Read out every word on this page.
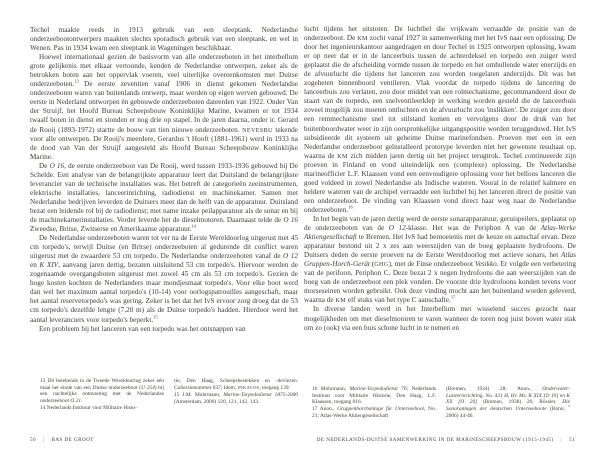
Techel maakte reeds in 1913 gebruik van een sleeptank. Nederlandse onderzeebootontwerpers maakten slechts sporadisch gebruik van een sleeptank, en wel in Wenen. Pas in 1934 kwam een sleeptank in Wageningen beschikbaar.
Hoewel internationaal gezien de basisvorm van alle onderzeeboten in het interbellum grote gelijkenis met elkaar vertoonde, kenden de Nederlandse ontwerpen, zeker als de betrokken boten aan het oppervlak voeren, veel uiterlijke overeenkomsten met Duitse onderzeeboten.$^{13}$ De eerste zeventien vanaf 1906 in dienst gekomen Nederlandse onderzeeboten waren van buitenlands ontwerp, maar werden op eigen werven gebouwd. De eerste in Nederland ontworpen én gebouwde onderzeeboten dateerden van 1922. Onder Van der Struijf, het Hoofd Bureau Scheepsbouw Koninklijke Marine, kwamen er tot 1934 twaalf boten in dienst en stonden er nog drie op stapel. In de jaren daarna, onder ir. Gerard de Rooij (1893-1972) startte de bouw van tien nieuwe onderzeeboten. NEVESBU tekende voor alle ontwerpen. De Rooij's meerdere, Gerardus 't Hooft (1881-1961) werd in 1933 na de dood van Van der Struijf aangesteld als Hoofd Bureau Scheepsbouw Koninklijke Marine.
De O 16, de eerste onderzeeboot van De Rooij, werd tussen 1933-1936 gebouwd bij De Schelde. Een analyse van de belangrijkste apparatuur leert dat Duitsland de belangrijkste leverancier van de technische installaties was. Het betreft de categorieën zeeinstrumenten, elektrische installaties, lanceerinrichting, radiodienst en machinekamer. Samen met Nederlandse bedrijven leverden de Duitsers meer dan de helft van de apparatuur. Duitsland bezat een leidende rol bij de radiodienst; met name inzake peilapparatuur als de sonar en bij de machinekamerinstallaties. Verder leverde het de dieselmotoren. Daarnaast telde de O 16 Zweedse, Britse, Zwitserse en Amerikaanse apparatuur.$^{14}$
De Nederlandse onderzeeboten waren tot ver na de Eerste Wereldoorlog uitgerust met 45 cm torpedo's, terwijl Duitse (en Britse) onderzeeboten al gedurende dit conflict waren uitgerust met de zwaardere 53 cm torpedo. De Nederlandse onderzeeboten vanaf de O 12 en K XIV, aanvang jaren dertig, bezaten uitsluitend 53 cm torpedo's. Hiervoor werden de zogenaamde overgangsboten uitgerust met zowel 45 cm als 53 cm torpedo's. Gezien de hoge kosten kochten de Nederlanders maar mondjesmaat torpedo's. Voor elke boot werd dan wel het maximum aantal torpedo's (10-14) voor oorlogspatrouilles aangeschaft, maar het aantal reservetorpedo's was gering. Zeker is het dat het IvS ervoor zorg droeg dat de 53 cm torpedo's dezelfde lengte (7,20 m) als de Duitse torpedo's hadden. Hierdoor werd het aantal leveranciers voor torpedo's beperkt.$^{15}$
Een probleem bij het lanceren van een torpedo was het ontsnappen van
13 Dit betekende in de Tweede Wereldoorlog zeker één maal het einde van een Duitse onderzeeboot (U 254) bij een nachtelijke ontmoeting met de Nederlandse onderzeeboot O 21.
14 Nederlands Instituut voor Militaire Histo-
rie, Den Haag, Scheepsbestekken en -deviezen. Collectienummer 037; Idem, INKAVOS, toegang 139.
15 J.M. Mohrmann, Marine-Torpedodienst 1875-2000 (Amsterdam, 2000) 120, 121, 142, 143.
50 | BAS DE GROOT
lucht tijdens het uitstoten. De luchtbel die vrijkwam verraadde de positie van de onderzeeboot. De KM zocht vanaf 1927 in samenwerking met het IvS naar een oplossing. De door het ingenieurskantoor aangedragen en door Techel in 1925 ontworpen oplossing, kwam er op neer dat er in de lanceerbuis tussen de achterdeksel en torpedo een zuiger werd geplaatst die de afscheiding vormde tussen de torpedo en het omhullende water enerzijds en de afvuurlucht die tijdens het lanceren zou worden toegelaten anderzijds. Dit was het zogeheten binnenboord ventileren. Vlak voordat de torpedo tijdens de lancering de lanceerbuis zou verlaten, zou door middel van een rolmechanisme, gecommandeerd door de staart van de torpedo, een snelventileerklep in werking worden gesteld die de lanceerbuis zoveel mogelijk zou moeten ontluchten en de afvuurlucht zou 'inslikken'. De zuiger zou door een remmechanisme snel tot stilstand komen en vervolgens door de druk van het buitenboordwater weer in zijn oorspronkelijke uitgangspositie worden teruggeduwd. Het IvS subsidieerde dit systeem uit geheime Duitse marinefondsen. Proeven met een in een Nederlandse onderzeeboot geïnstalleerd prototype leverden niet het gewenste resultaat op, waarna de KM zich midden jaren dertig uit het project terugtrok. Techel continueerde zijn proeven in Finland en vond uiteindelijk een (complexe) oplossing. De Nederlandse marineofficier L.F. Klaassen vond een eenvoudigere oplossing voor het belloos lanceren die goed voldeed in zowel Nederlandse als Indische wateren. Vooral in de relatief kalmere en heldere wateren van de archipel verraadde een luchtbel bij het lanceren direct de positie van een onderzeeboot. De vinding van Klaassen vond direct haar weg naar de Nederlandse onderzeeboten.$^{16}$
In het begin van de jaren dertig werd de eerste sonarapparatuur, geruispeilers, geplaatst op de onderzeeboten van de O 12-klasse. Het was de Periphon A van de Atlas-Werke Aktiengesellschaft te Bremen. Het IvS had bemoeienis met de keuze en aanschaf ervan. Deze apparatuur bestond uit 2 x zes aan weerszijden van de boeg geplaatste hydrofoons. De Duitsers deden de eerste proeven na de Eerste Wereldoorlog met actieve sonars, het Atlas Gruppen-Horch-Gerät (GHG), met de Finse onderzeeboot Vesikko. Er volgde een verbetering van de perifoon, Periphon C. Deze bezat 2 x negen hydrofoons die aan weerszijden van de boeg van de onderzeeboot een plek vonden. De voorste drie hydrofoons konden tevens voor morseseinen worden gebruikt. Ook deze vinding mocht aan het buitenland worden geleverd, waarna de KM elf stuks van het type C aanschafte.$^{17}$
In diverse landen werd in het Interbellum met wisselend succes gezocht naar mogelijkheden om met dieselmotoren te varen wanneer de toren nog juist boven water stak om zo (ook) via een buis schone lucht in te nemen en
16 Mohrmann, Marine-Torpedodienst 76; Nederlands Instituut voor Militaire Historie, Den Haag, L.F. Klaassen, toegang 016.
17 Anon., Gruppenhorchanlage für Unterseeboot, No. 21; Atlas-Werke Aktiengesellschaft
(Bremen, 1934) 28; Anon., Onderwater-Luisterinrichting, No. 431 H, Hr. Ms. K XIX [O 19] en K XX [O 20] (Bremen, 1938) 26; Rössler, Die Sonaranlagen der deutschen Unterseeboote (Bonn, $^2$ 2006) 44-46.
DE NEDERLANDS-DUITSE SAMENWERKING IN DE MARINESCHEEPSBOUW (1915-1945) | 51
